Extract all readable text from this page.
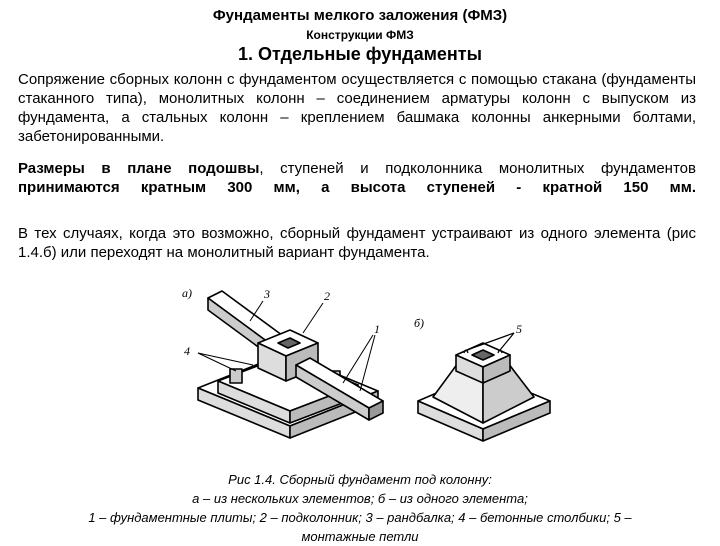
Фундаменты мелкого заложения (ФМЗ)
Конструкции ФМЗ
1. Отдельные фундаменты

Сопряжение сборных колонн с фундаментом осуществляется с помощью стакана (фундаменты стаканного типа), монолитных колонн – соединением арматуры колонн с выпуском из фундамента, а стальных колонн – креплением башмака колонны анкерными болтами, забетонированными.

Размеры в плане подошвы, ступеней и подколонника монолитных фундаментов принимаются кратным 300 мм, а высота ступеней - кратной 150 мм.

В тех случаях, когда это возможно, сборный фундамент устраивают из одного элемента (рис 1.4.б) или переходят на монолитный вариант фундамента.

а)	3	2
1
4
б)	5
Рис 1.4. Сборный фундамент под колонну:
а – из нескольких элементов; б – из одного элемента;
1 – фундаментные плиты; 2 – подколонник; 3 – рандбалка; 4 – бетонные столбики; 5 –
монтажные петли
